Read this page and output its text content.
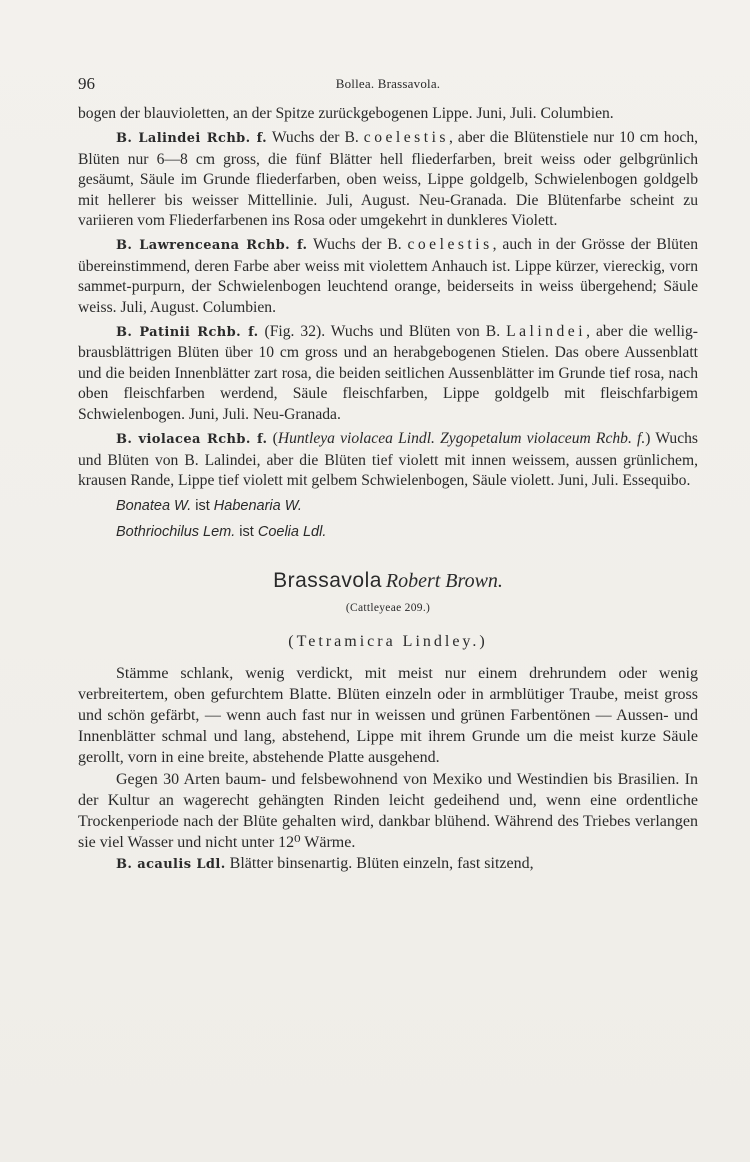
96	Bollea. Brassavola.

bogen der blauvioletten, an der Spitze zurückgebogenen Lippe. Juni, Juli. Columbien.

B. Lalindei Rchb. f. Wuchs der B. coelestis, aber die Blütenstiele nur 10 cm hoch, Blüten nur 6—8 cm gross, die fünf Blätter hell fliederfarben, breit weiss oder gelbgrünlich gesäumt, Säule im Grunde fliederfarben, oben weiss, Lippe goldgelb, Schwielenbogen goldgelb mit hellerer bis weisser Mittellinie. Juli, August. Neu-Granada. Die Blütenfarbe scheint zu variieren vom Fliederfarbenen ins Rosa oder umgekehrt in dunkleres Violett.

B. Lawrenceana Rchb. f. Wuchs der B. coelestis, auch in der Grösse der Blüten übereinstimmend, deren Farbe aber weiss mit violettem Anhauch ist. Lippe kürzer, viereckig, vorn sammet-purpurn, der Schwielenbogen leuchtend orange, beiderseits in weiss übergehend; Säule weiss. Juli, August. Columbien.

B. Patinii Rchb. f. (Fig. 32). Wuchs und Blüten von B. Lalindei, aber die wellig-brausblättrigen Blüten über 10 cm gross und an herabgebogenen Stielen. Das obere Aussenblatt und die beiden Innenblätter zart rosa, die beiden seitlichen Aussenblätter im Grunde tief rosa, nach oben fleischfarben werdend, Säule fleischfarben, Lippe goldgelb mit fleischfarbigem Schwielenbogen. Juni, Juli. Neu-Granada.

B. violacea Rchb. f. (Huntleya violacea Lindl. Zygopetalum violaceum Rchb. f.) Wuchs und Blüten von B. Lalindei, aber die Blüten tief violett mit innen weissem, aussen grünlichem, krausen Rande, Lippe tief violett mit gelbem Schwielenbogen, Säule violett. Juni, Juli. Essequibo.

Bonatea W. ist Habenaria W.

Bothriochilus Lem. ist Coelia Ldl.

Brassavola Robert Brown.
(Cattleyeae 209.)
(Tetramicra Lindley.)

Stämme schlank, wenig verdickt, mit meist nur einem drehrundem oder wenig verbreitertem, oben gefurchtem Blatte. Blüten einzeln oder in armblütiger Traube, meist gross und schön gefärbt, — wenn auch fast nur in weissen und grünen Farbentönen — Aussen- und Innenblätter schmal und lang, abstehend, Lippe mit ihrem Grunde um die meist kurze Säule gerollt, vorn in eine breite, abstehende Platte ausgehend.

Gegen 30 Arten baum- und felsbewohnend von Mexiko und Westindien bis Brasilien. In der Kultur an wagerecht gehängten Rinden leicht gedeihend und, wenn eine ordentliche Trockenperiode nach der Blüte gehalten wird, dankbar blühend. Während des Triebes verlangen sie viel Wasser und nicht unter 12⁰ Wärme.

B. acaulis Ldl. Blätter binsenartig. Blüten einzeln, fast sitzend,
